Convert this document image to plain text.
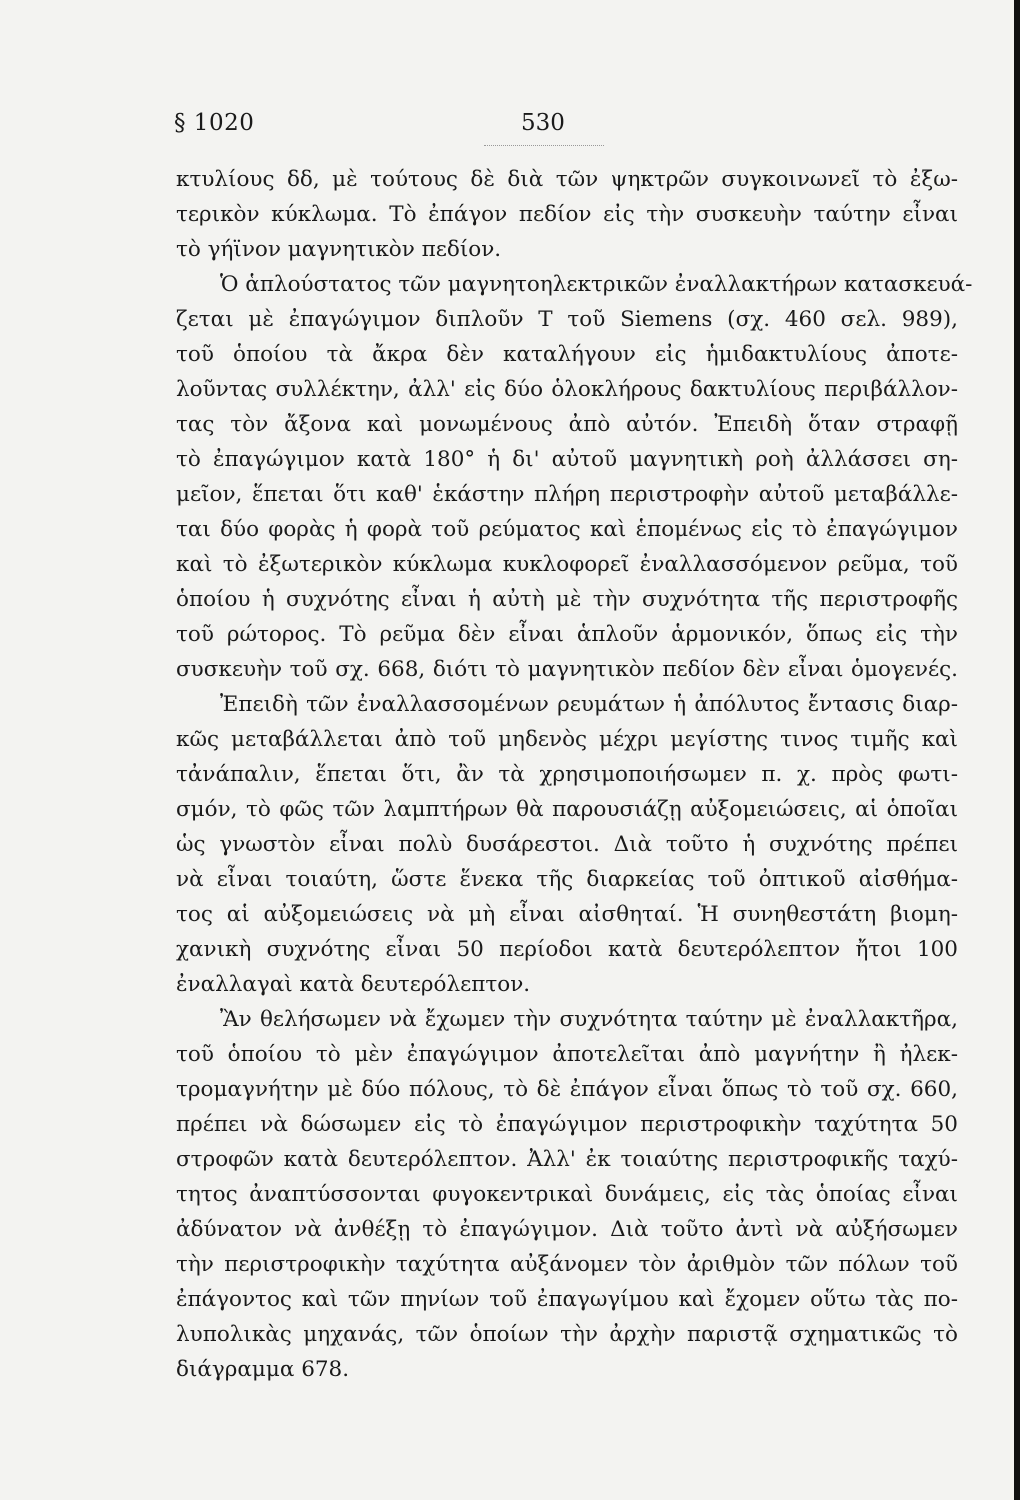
§ 1020	530

κτυλίους δδ, μὲ τούτους δὲ διὰ τῶν ψηκτρῶν συγκοινωνεῖ τὸ ἐξω-
τερικὸν κύκλωμα. Τὸ ἐπάγον πεδίον εἰς τὴν συσκευὴν ταύτην εἶναι
τὸ γήϊνον μαγνητικὸν πεδίον.

Ὁ ἁπλούστατος τῶν μαγνητοηλεκτρικῶν ἐναλλακτήρων κατασκευά-
ζεται μὲ ἐπαγώγιμον διπλοῦν Τ τοῦ Siemens (σχ. 460 σελ. 989),
τοῦ ὁποίου τὰ ἄκρα δὲν καταλήγουν εἰς ἡμιδακτυλίους ἀποτε-
λοῦντας συλλέκτην, ἀλλ' εἰς δύο ὁλοκλήρους δακτυλίους περιβάλλον-
τας τὸν ἄξονα καὶ μονωμένους ἀπὸ αὐτόν. Ἐπειδὴ ὅταν στραφῇ
τὸ ἐπαγώγιμον κατὰ 180° ἡ δι' αὐτοῦ μαγνητικὴ ροὴ ἀλλάσσει ση-
μεῖον, ἕπεται ὅτι καθ' ἑκάστην πλήρη περιστροφὴν αὐτοῦ μεταβάλλε-
ται δύο φορὰς ἡ φορὰ τοῦ ρεύματος καὶ ἑπομένως εἰς τὸ ἐπαγώγιμον
καὶ τὸ ἐξωτερικὸν κύκλωμα κυκλοφορεῖ ἐναλλασσόμενον ρεῦμα, τοῦ
ὁποίου ἡ συχνότης εἶναι ἡ αὐτὴ μὲ τὴν συχνότητα τῆς περιστροφῆς
τοῦ ρώτορος. Τὸ ρεῦμα δὲν εἶναι ἁπλοῦν ἁρμονικόν, ὅπως εἰς τὴν
συσκευὴν τοῦ σχ. 668, διότι τὸ μαγνητικὸν πεδίον δὲν εἶναι ὁμογενές.

Ἐπειδὴ τῶν ἐναλλασσομένων ρευμάτων ἡ ἀπόλυτος ἔντασις διαρ-
κῶς μεταβάλλεται ἀπὸ τοῦ μηδενὸς μέχρι μεγίστης τινος τιμῆς καὶ
τἀνάπαλιν, ἕπεται ὅτι, ἂν τὰ χρησιμοποιήσωμεν π. χ. πρὸς φωτι-
σμόν, τὸ φῶς τῶν λαμπτήρων θὰ παρουσιάζῃ αὐξομειώσεις, αἱ ὁποῖαι
ὡς γνωστὸν εἶναι πολὺ δυσάρεστοι. Διὰ τοῦτο ἡ συχνότης πρέπει
νὰ εἶναι τοιαύτη, ὥστε ἕνεκα τῆς διαρκείας τοῦ ὀπτικοῦ αἰσθήμα-
τος αἱ αὐξομειώσεις νὰ μὴ εἶναι αἰσθηταί. Ἡ συνηθεστάτη βιομη-
χανικὴ συχνότης εἶναι 50 περίοδοι κατὰ δευτερόλεπτον ἤτοι 100
ἐναλλαγαὶ κατὰ δευτερόλεπτον.

Ἂν θελήσωμεν νὰ ἔχωμεν τὴν συχνότητα ταύτην μὲ ἐναλλακτῆρα,
τοῦ ὁποίου τὸ μὲν ἐπαγώγιμον ἀποτελεῖται ἀπὸ μαγνήτην ἢ ἠλεκ-
τρομαγνήτην μὲ δύο πόλους, τὸ δὲ ἐπάγον εἶναι ὅπως τὸ τοῦ σχ. 660,
πρέπει νὰ δώσωμεν εἰς τὸ ἐπαγώγιμον περιστροφικὴν ταχύτητα 50
στροφῶν κατὰ δευτερόλεπτον. Ἀλλ' ἐκ τοιαύτης περιστροφικῆς ταχύ-
τητος ἀναπτύσσονται φυγοκεντρικαὶ δυνάμεις, εἰς τὰς ὁποίας εἶναι
ἀδύνατον νὰ ἀνθέξῃ τὸ ἐπαγώγιμον. Διὰ τοῦτο ἀντὶ νὰ αὐξήσωμεν
τὴν περιστροφικὴν ταχύτητα αὐξάνομεν τὸν ἀριθμὸν τῶν πόλων τοῦ
ἐπάγοντος καὶ τῶν πηνίων τοῦ ἐπαγωγίμου καὶ ἔχομεν οὕτω τὰς πο-
λυπολικὰς μηχανάς, τῶν ὁποίων τὴν ἀρχὴν παριστᾷ σχηματικῶς τὸ
διάγραμμα 678.
